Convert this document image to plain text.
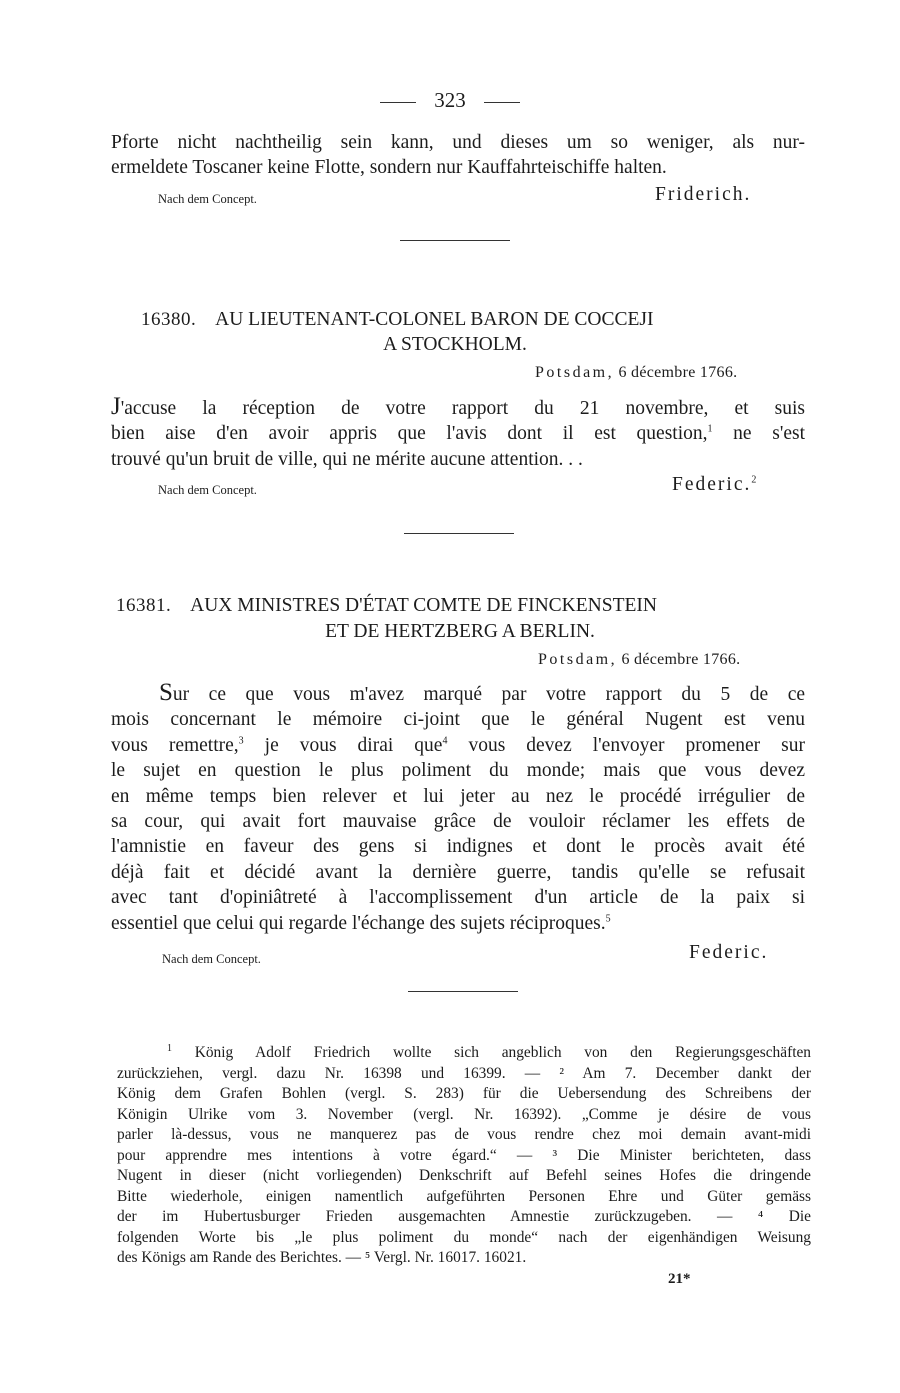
323
Pforte nicht nachtheilig sein kann, und dieses um so weniger, als nur-
ermeldete Toscaner keine Flotte, sondern nur Kauffahrteischiffe halten.
Nach dem Concept.	Friderich.
16380. AU LIEUTENANT-COLONEL BARON DE COCCEJI
A STOCKHOLM.
Potsdam, 6 décembre 1766.
J'accuse la réception de votre rapport du 21 novembre, et suis
bien aise d'en avoir appris que l'avis dont il est question,$^1$ ne s'est
trouvé qu'un bruit de ville, qui ne mérite aucune attention. . .
Nach dem Concept.	Federic.$^2$
16381. AUX MINISTRES D'ÉTAT COMTE DE FINCKENSTEIN
ET DE HERTZBERG A BERLIN.
Potsdam, 6 décembre 1766.
Sur ce que vous m'avez marqué par votre rapport du 5 de ce
mois concernant le mémoire ci-joint que le général Nugent est venu
vous remettre,$^3$ je vous dirai que$^4$ vous devez l'envoyer promener sur
le sujet en question le plus poliment du monde; mais que vous devez
en même temps bien relever et lui jeter au nez le procédé irrégulier de
sa cour, qui avait fort mauvaise grâce de vouloir réclamer les effets de
l'amnistie en faveur des gens si indignes et dont le procès avait été
déjà fait et décidé avant la dernière guerre, tandis qu'elle se refusait
avec tant d'opiniâtreté à l'accomplissement d'un article de la paix si
essentiel que celui qui regarde l'échange des sujets réciproques.$^5$
Nach dem Concept.	Federic.
$^1$ König Adolf Friedrich wollte sich angeblich von den Regierungsgeschäften
zurückziehen, vergl. dazu Nr. 16398 und 16399. — ² Am 7. December dankt der
König dem Grafen Bohlen (vergl. S. 283) für die Uebersendung des Schreibens der
Königin Ulrike vom 3. November (vergl. Nr. 16392). „Comme je désire de vous
parler là-dessus, vous ne manquerez pas de vous rendre chez moi demain avant-midi
pour apprendre mes intentions à votre égard.“ — ³ Die Minister berichteten, dass
Nugent in dieser (nicht vorliegenden) Denkschrift auf Befehl seines Hofes die dringende
Bitte wiederhole, einigen namentlich aufgeführten Personen Ehre und Güter gemäss
der im Hubertusburger Frieden ausgemachten Amnestie zurückzugeben. — ⁴ Die
folgenden Worte bis „le plus poliment du monde“ nach der eigenhändigen Weisung
des Königs am Rande des Berichtes. — ⁵ Vergl. Nr. 16017. 16021.
21*
